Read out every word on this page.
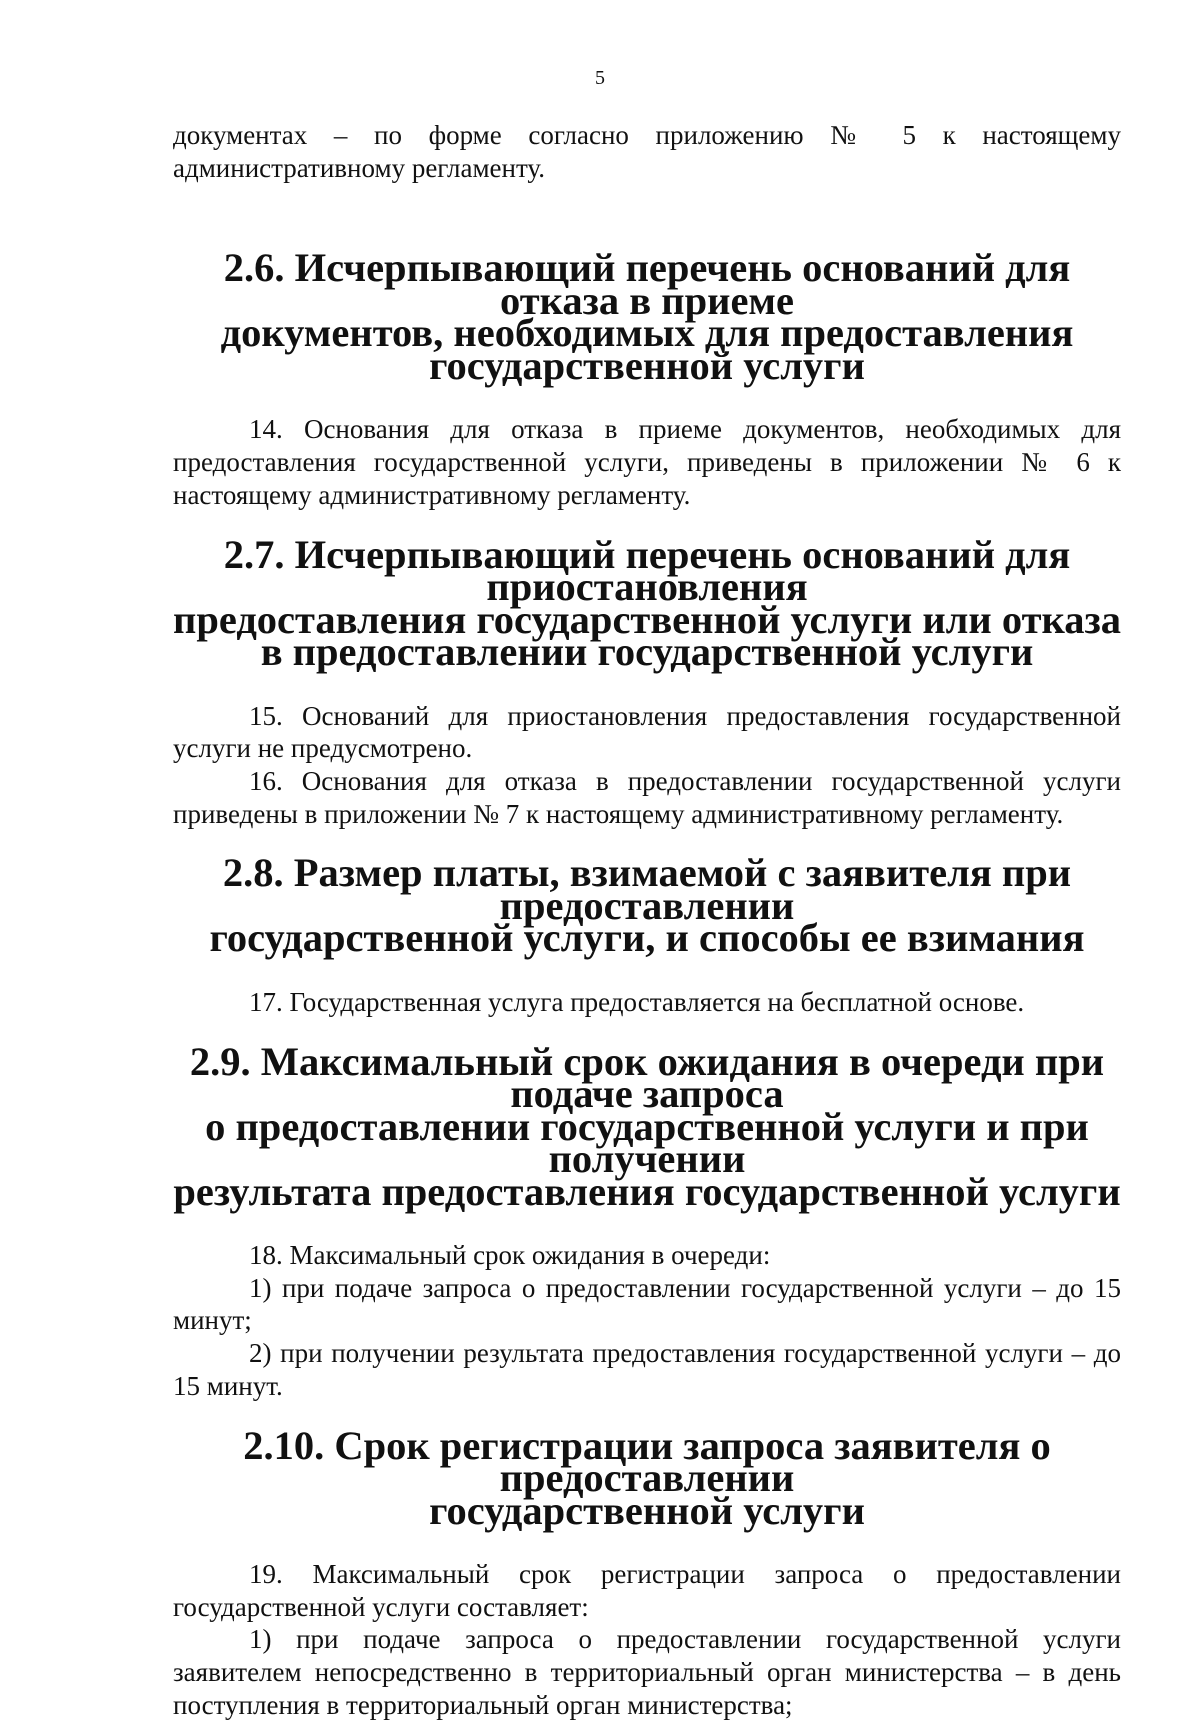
5

документах – по форме согласно приложению № 5 к настоящему административному регламенту.

2.6. Исчерпывающий перечень оснований для отказа в приеме
документов, необходимых для предоставления государственной услуги

14. Основания для отказа в приеме документов, необходимых для предоставления государственной услуги, приведены в приложении № 6 к настоящему административному регламенту.

2.7. Исчерпывающий перечень оснований для приостановления
предоставления государственной услуги или отказа
в предоставлении государственной услуги

15. Оснований для приостановления предоставления государственной услуги не предусмотрено.

16. Основания для отказа в предоставлении государственной услуги приведены в приложении № 7 к настоящему административному регламенту.

2.8. Размер платы, взимаемой с заявителя при предоставлении
государственной услуги, и способы ее взимания

17. Государственная услуга предоставляется на бесплатной основе.

2.9. Максимальный срок ожидания в очереди при подаче запроса
о предоставлении государственной услуги и при получении
результата предоставления государственной услуги

18. Максимальный срок ожидания в очереди:

1) при подаче запроса о предоставлении государственной услуги – до 15 минут;

2) при получении результата предоставления государственной услуги – до 15 минут.

2.10. Срок регистрации запроса заявителя о предоставлении
государственной услуги

19. Максимальный срок регистрации запроса о предоставлении государственной услуги составляет:

1) при подаче запроса о предоставлении государственной услуги заявителем непосредственно в территориальный орган министерства – в день поступления в территориальный орган министерства;
